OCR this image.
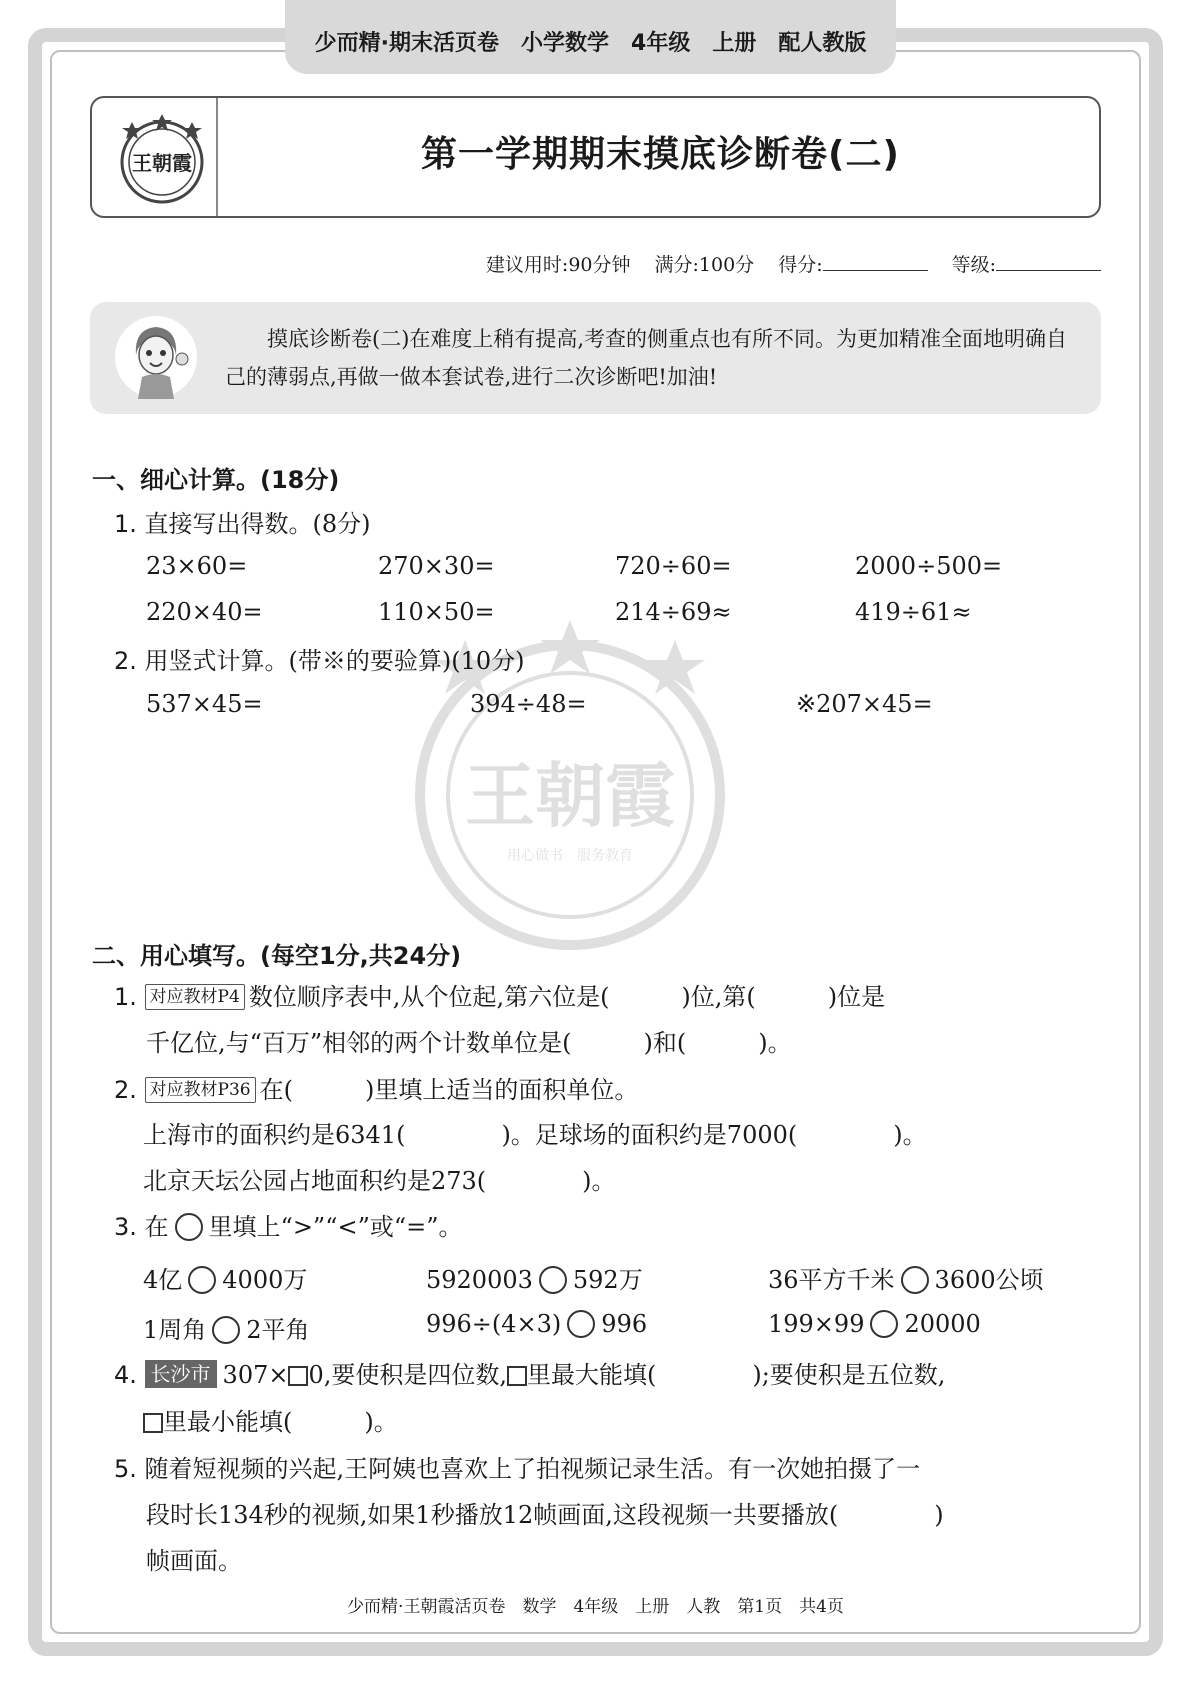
少而精·期末活页卷　小学数学　4年级　上册　配人教版
王朝霞	第一学期期末摸底诊断卷(二)
建议用时:90分钟 满分:100分 得分:	等级:
摸底诊断卷(二)在难度上稍有提高,考查的侧重点也有所不同。为更加精准全面地明确自己的薄弱点,再做一做本套试卷,进行二次诊断吧!加油!
一、细心计算。(18分)
1. 直接写出得数。(8分)
23×60=	270×30=	720÷60=	2000÷500=
220×40=	110×50=	214÷69≈	419÷61≈
2. 用竖式计算。(带※的要验算)(10分)
537×45=	394÷48=	※207×45=
王朝霞
用心做书　服务教育
二、用心填写。(每空1分,共24分)
1. 对应教材P4 数位顺序表中,从个位起,第六位是(　　　)位,第(　　　)位是
千亿位,与“百万”相邻的两个计数单位是(　　　)和(　　　)。
2. 对应教材P36 在(　　　)里填上适当的面积单位。
上海市的面积约是6341(　　　　)。足球场的面积约是7000(　　　　)。
北京天坛公园占地面积约是273(　　　　)。
3. 在 里填上“>”“<”或“=”。
4亿 4000万	5920003 592万	36平方千米 3600公顷
1周角 2平角	996÷(4×3) 996	199×99 20000
4. 长沙市 307× 0,要使积是四位数, 里最大能填(　　　　);要使积是五位数,
里最小能填(　　　)。
5. 随着短视频的兴起,王阿姨也喜欢上了拍视频记录生活。有一次她拍摄了一
段时长134秒的视频,如果1秒播放12帧画面,这段视频一共要播放(　　　　)
帧画面。
少而精·王朝霞活页卷　数学　4年级　上册　人教　第1页　共4页
